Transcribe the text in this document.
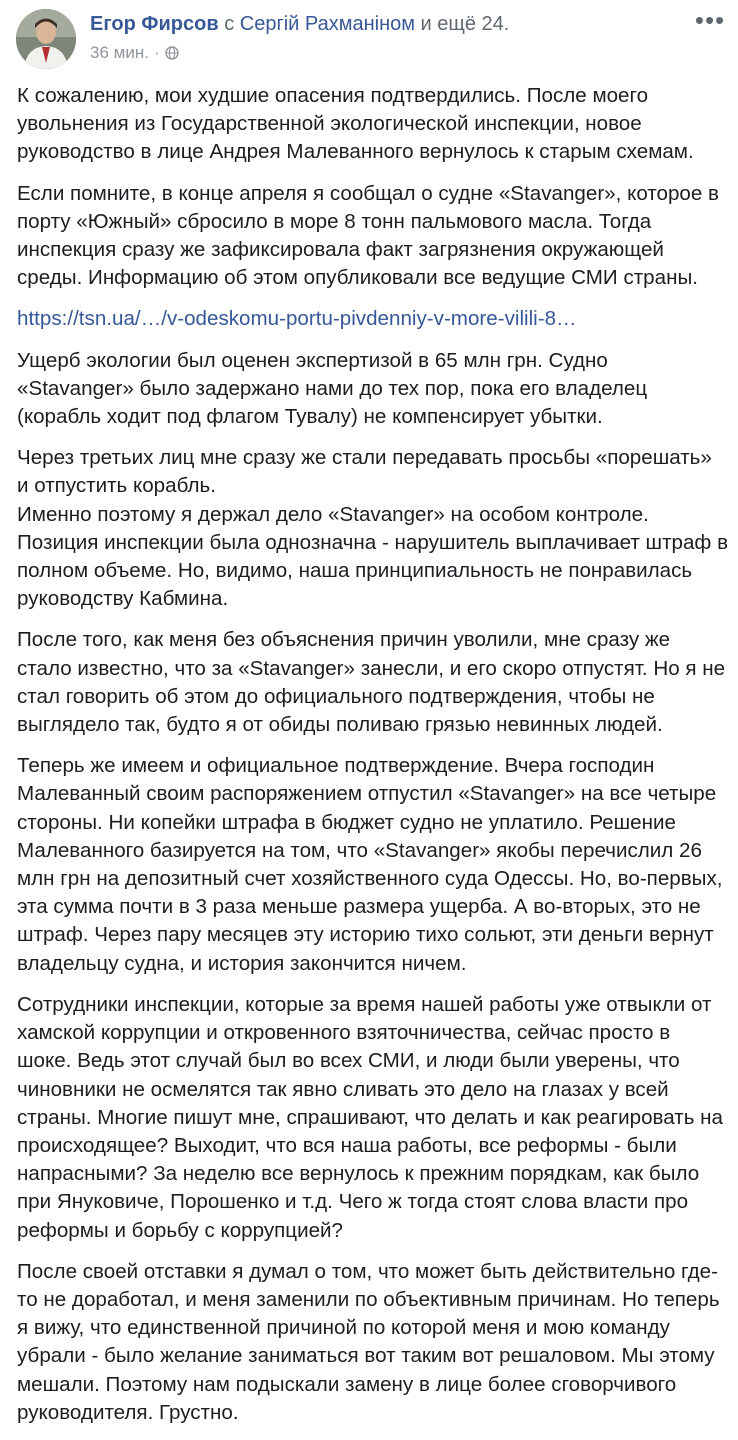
Егор Фирсов с Сергій Рахманіном и ещё 24.
36 мин. ·
•••

К сожалению, мои худшие опасения подтвердились. После моего увольнения из Государственной экологической инспекции, новое руководство в лице Андрея Малеванного вернулось к старым схемам.

Если помните, в конце апреля я сообщал о судне «Stavanger», которое в порту «Южный» сбросило в море 8 тонн пальмового масла. Тогда инспекция сразу же зафиксировала факт загрязнения окружающей среды. Информацию об этом опубликовали все ведущие СМИ страны.

https://tsn.ua/…/v-odeskomu-portu-pivdenniy-v-more-vilili-8…

Ущерб экологии был оценен экспертизой в 65 млн грн. Судно «Stavanger» было задержано нами до тех пор, пока его владелец (корабль ходит под флагом Тувалу) не компенсирует убытки.

Через третьих лиц мне сразу же стали передавать просьбы «порешать» и отпустить корабль.

Именно поэтому я держал дело «Stavanger» на особом контроле. Позиция инспекции была однозначна - нарушитель выплачивает штраф в полном объеме. Но, видимо, наша принципиальность не понравилась руководству Кабмина.

После того, как меня без объяснения причин уволили, мне сразу же стало известно, что за «Stavanger» занесли, и его скоро отпустят. Но я не стал говорить об этом до официального подтверждения, чтобы не выглядело так, будто я от обиды поливаю грязью невинных людей.

Теперь же имеем и официальное подтверждение. Вчера господин Малеванный своим распоряжением отпустил «Stavanger» на все четыре стороны. Ни копейки штрафа в бюджет судно не уплатило. Решение Малеванного базируется на том, что «Stavanger» якобы перечислил 26 млн грн на депозитный счет хозяйственного суда Одессы. Но, во-первых, эта сумма почти в 3 раза меньше размера ущерба. А во-вторых, это не штраф. Через пару месяцев эту историю тихо сольют, эти деньги вернут владельцу судна, и история закончится ничем.

Сотрудники инспекции, которые за время нашей работы уже отвыкли от хамской коррупции и откровенного взяточничества, сейчас просто в шоке. Ведь этот случай был во всех СМИ, и люди были уверены, что чиновники не осмелятся так явно сливать это дело на глазах у всей страны. Многие пишут мне, спрашивают, что делать и как реагировать на происходящее? Выходит, что вся наша работы, все реформы - были напрасными? За неделю все вернулось к прежним порядкам, как было при Януковиче, Порошенко и т.д. Чего ж тогда стоят слова власти про реформы и борьбу с коррупцией?

После своей отставки я думал о том, что может быть действительно где-то не доработал, и меня заменили по объективным причинам. Но теперь я вижу, что единственной причиной по которой меня и мою команду убрали - было желание заниматься вот таким вот решаловом. Мы этому мешали. Поэтому нам подыскали замену в лице более сговорчивого руководителя. Грустно.
